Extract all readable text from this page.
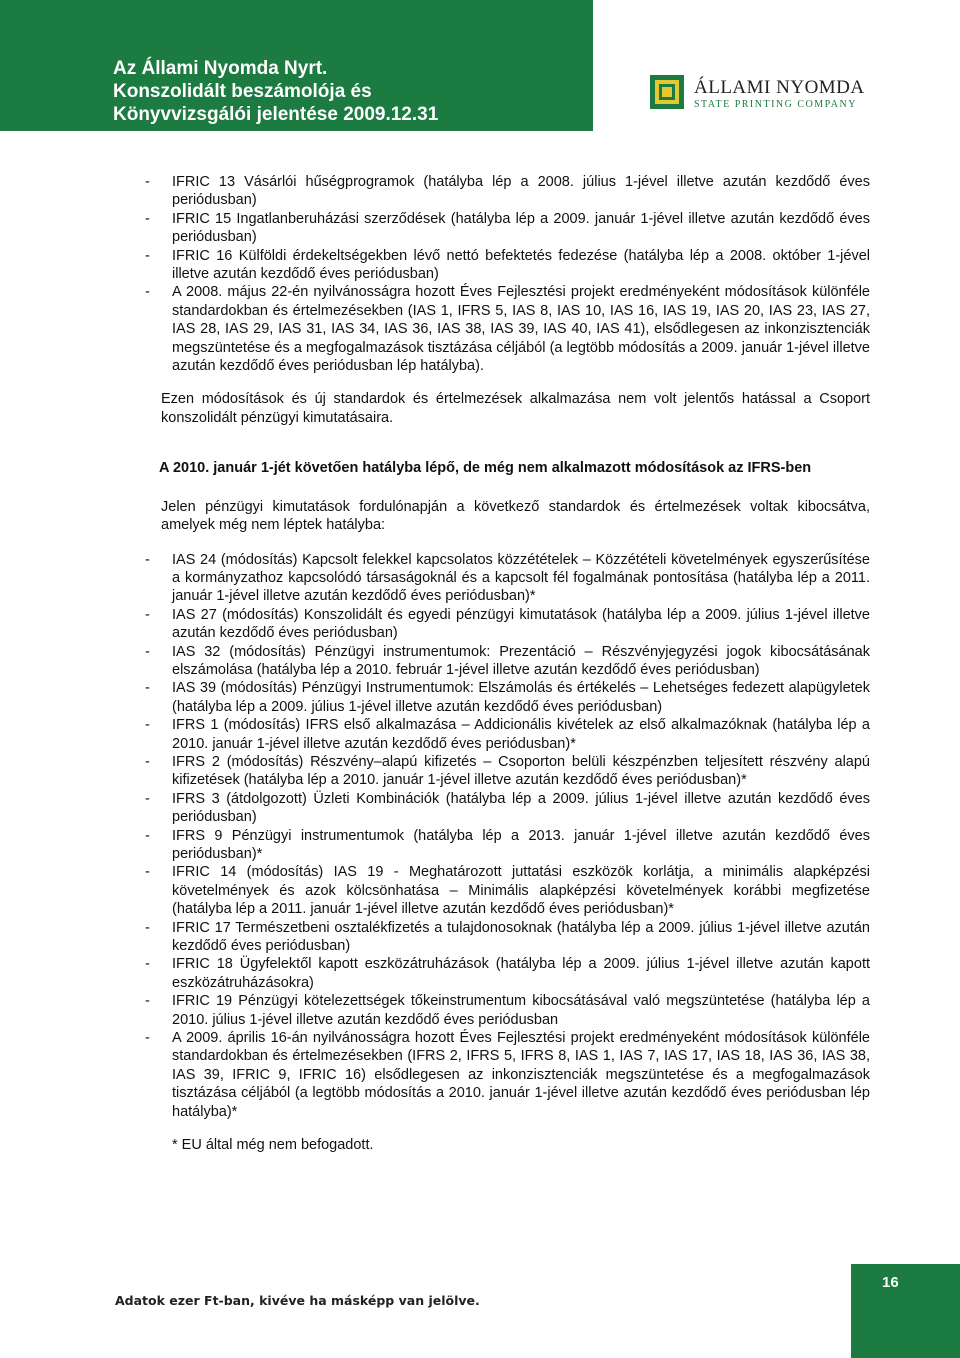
Az Állami Nyomda Nyrt.
Konszolidált beszámolója és
Könyvvizsgálói jelentése 2009.12.31
ÁLLAMI NYOMDA
STATE PRINTING COMPANY
- IFRIC 13 Vásárlói hűségprogramok (hatályba lép a 2008. július 1-jével illetve azután kezdődő éves periódusban)
- IFRIC 15 Ingatlanberuházási szerződések (hatályba lép a 2009. január 1-jével illetve azután kezdődő éves periódusban)
- IFRIC 16 Külföldi érdekeltségekben lévő nettó befektetés fedezése (hatályba lép a 2008. október 1-jével illetve azután kezdődő éves periódusban)
- A 2008. május 22-én nyilvánosságra hozott Éves Fejlesztési projekt eredményeként módosítások különféle standardokban és értelmezésekben (IAS 1, IFRS 5, IAS 8, IAS 10, IAS 16, IAS 19, IAS 20, IAS 23, IAS 27, IAS 28, IAS 29, IAS 31, IAS 34, IAS 36, IAS 38, IAS 39, IAS 40, IAS 41), elsődlegesen az inkonzisztenciák megszüntetése és a megfogalmazások tisztázása céljából (a legtöbb módosítás a 2009. január 1-jével illetve azután kezdődő éves periódusban lép hatályba).

Ezen módosítások és új standardok és értelmezések alkalmazása nem volt jelentős hatással a Csoport konszolidált pénzügyi kimutatásaira.

A 2010. január 1-jét követően hatályba lépő, de még nem alkalmazott módosítások az IFRS-ben

Jelen pénzügyi kimutatások fordulónapján a következő standardok és értelmezések voltak kibocsátva, amelyek még nem léptek hatályba:

- IAS 24 (módosítás) Kapcsolt felekkel kapcsolatos közzétételek – Közzétételi követelmények egyszerűsítése a kormányzathoz kapcsolódó társaságoknál és a kapcsolt fél fogalmának pontosítása (hatályba lép a 2011. január 1-jével illetve azután kezdődő éves periódusban)*
- IAS 27 (módosítás) Konszolidált és egyedi pénzügyi kimutatások (hatályba lép a 2009. július 1-jével illetve azután kezdődő éves periódusban)
- IAS 32 (módosítás) Pénzügyi instrumentumok: Prezentáció – Részvényjegyzési jogok kibocsátásának elszámolása (hatályba lép a 2010. február 1-jével illetve azután kezdődő éves periódusban)
- IAS 39 (módosítás) Pénzügyi Instrumentumok: Elszámolás és értékelés – Lehetséges fedezett alapügyletek (hatályba lép a 2009. július 1-jével illetve azután kezdődő éves periódusban)
- IFRS 1 (módosítás) IFRS első alkalmazása – Addicionális kivételek az első alkalmazóknak (hatályba lép a 2010. január 1-jével illetve azután kezdődő éves periódusban)*
- IFRS 2 (módosítás) Részvény–alapú kifizetés – Csoporton belüli készpénzben teljesített részvény alapú kifizetések (hatályba lép a 2010. január 1-jével illetve azután kezdődő éves periódusban)*
- IFRS 3 (átdolgozott) Üzleti Kombinációk (hatályba lép a 2009. július 1-jével illetve azután kezdődő éves periódusban)
- IFRS 9 Pénzügyi instrumentumok (hatályba lép a 2013. január 1-jével illetve azután kezdődő éves periódusban)*
- IFRIC 14 (módosítás) IAS 19 - Meghatározott juttatási eszközök korlátja, a minimális alapképzési követelmények és azok kölcsönhatása – Minimális alapképzési követelmények korábbi megfizetése (hatályba lép a 2011. január 1-jével illetve azután kezdődő éves periódusban)*
- IFRIC 17 Természetbeni osztalékfizetés a tulajdonosoknak (hatályba lép a 2009. július 1-jével illetve azután kezdődő éves periódusban)
- IFRIC 18 Ügyfelektől kapott eszközátruházások (hatályba lép a 2009. július 1-jével illetve azután kapott eszközátruházásokra)
- IFRIC 19 Pénzügyi kötelezettségek tőkeinstrumentum kibocsátásával való megszüntetése (hatályba lép a 2010. július 1-jével illetve azután kezdődő éves periódusban
- A 2009. április 16-án nyilvánosságra hozott Éves Fejlesztési projekt eredményeként módosítások különféle standardokban és értelmezésekben (IFRS 2, IFRS 5, IFRS 8, IAS 1, IAS 7, IAS 17, IAS 18, IAS 36, IAS 38, IAS 39, IFRIC 9, IFRIC 16) elsődlegesen az inkonzisztenciák megszüntetése és a megfogalmazások tisztázása céljából (a legtöbb módosítás a 2010. január 1-jével illetve azután kezdődő éves periódusban lép hatályba)*

* EU által még nem befogadott.

Adatok ezer Ft-ban, kivéve ha másképp van jelölve.
16
